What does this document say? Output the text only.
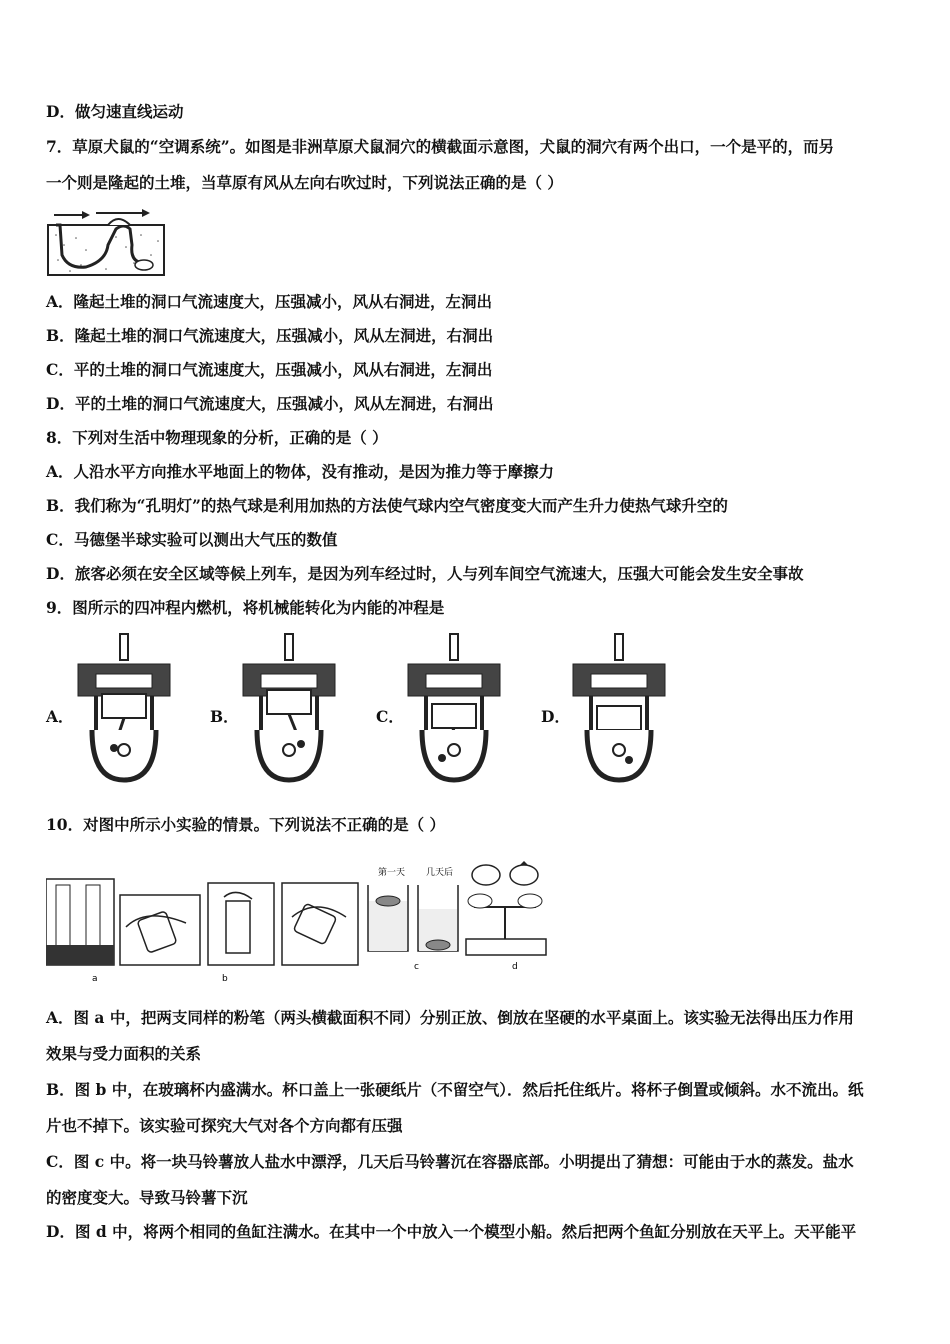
D．做匀速直线运动
7．草原犬鼠的“空调系统”。如图是非洲草原犬鼠洞穴的横截面示意图，犬鼠的洞穴有两个出口，一个是平的，而另
一个则是隆起的土堆，当草原有风从左向右吹过时，下列说法正确的是（ ）
A．隆起土堆的洞口气流速度大，压强减小，风从右洞进，左洞出
B．隆起土堆的洞口气流速度大，压强减小，风从左洞进，右洞出
C．平的土堆的洞口气流速度大，压强减小，风从右洞进，左洞出
D．平的土堆的洞口气流速度大，压强减小，风从左洞进，右洞出
8．下列对生活中物理现象的分析，正确的是（ ）
A．人沿水平方向推水平地面上的物体，没有推动，是因为推力等于摩擦力
B．我们称为“孔明灯”的热气球是利用加热的方法使气球内空气密度变大而产生升力使热气球升空的
C．马德堡半球实验可以测出大气压的数值
D．旅客必须在安全区域等候上列车，是因为列车经过时，人与列车间空气流速大，压强大可能会发生安全事故
9．图所示的四冲程内燃机，将机械能转化为内能的冲程是
A．	B．	C．	D．
10．对图中所示小实验的情景。下列说法不正确的是（ ）
a	b
第一天 几天后
c	d
A．图 a 中，把两支同样的粉笔（两头横截面积不同）分别正放、倒放在坚硬的水平桌面上。该实验无法得出压力作用
效果与受力面积的关系
B．图 b 中，在玻璃杯内盛满水。杯口盖上一张硬纸片（不留空气）．然后托住纸片。将杯子倒置或倾斜。水不流出。纸
片也不掉下。该实验可探究大气对各个方向都有压强
C．图 c 中。将一块马铃薯放人盐水中漂浮，几天后马铃薯沉在容器底部。小明提出了猜想：可能由于水的蒸发。盐水
的密度变大。导致马铃薯下沉
D．图 d 中，将两个相同的鱼缸注满水。在其中一个中放入一个模型小船。然后把两个鱼缸分别放在天平上。天平能平
